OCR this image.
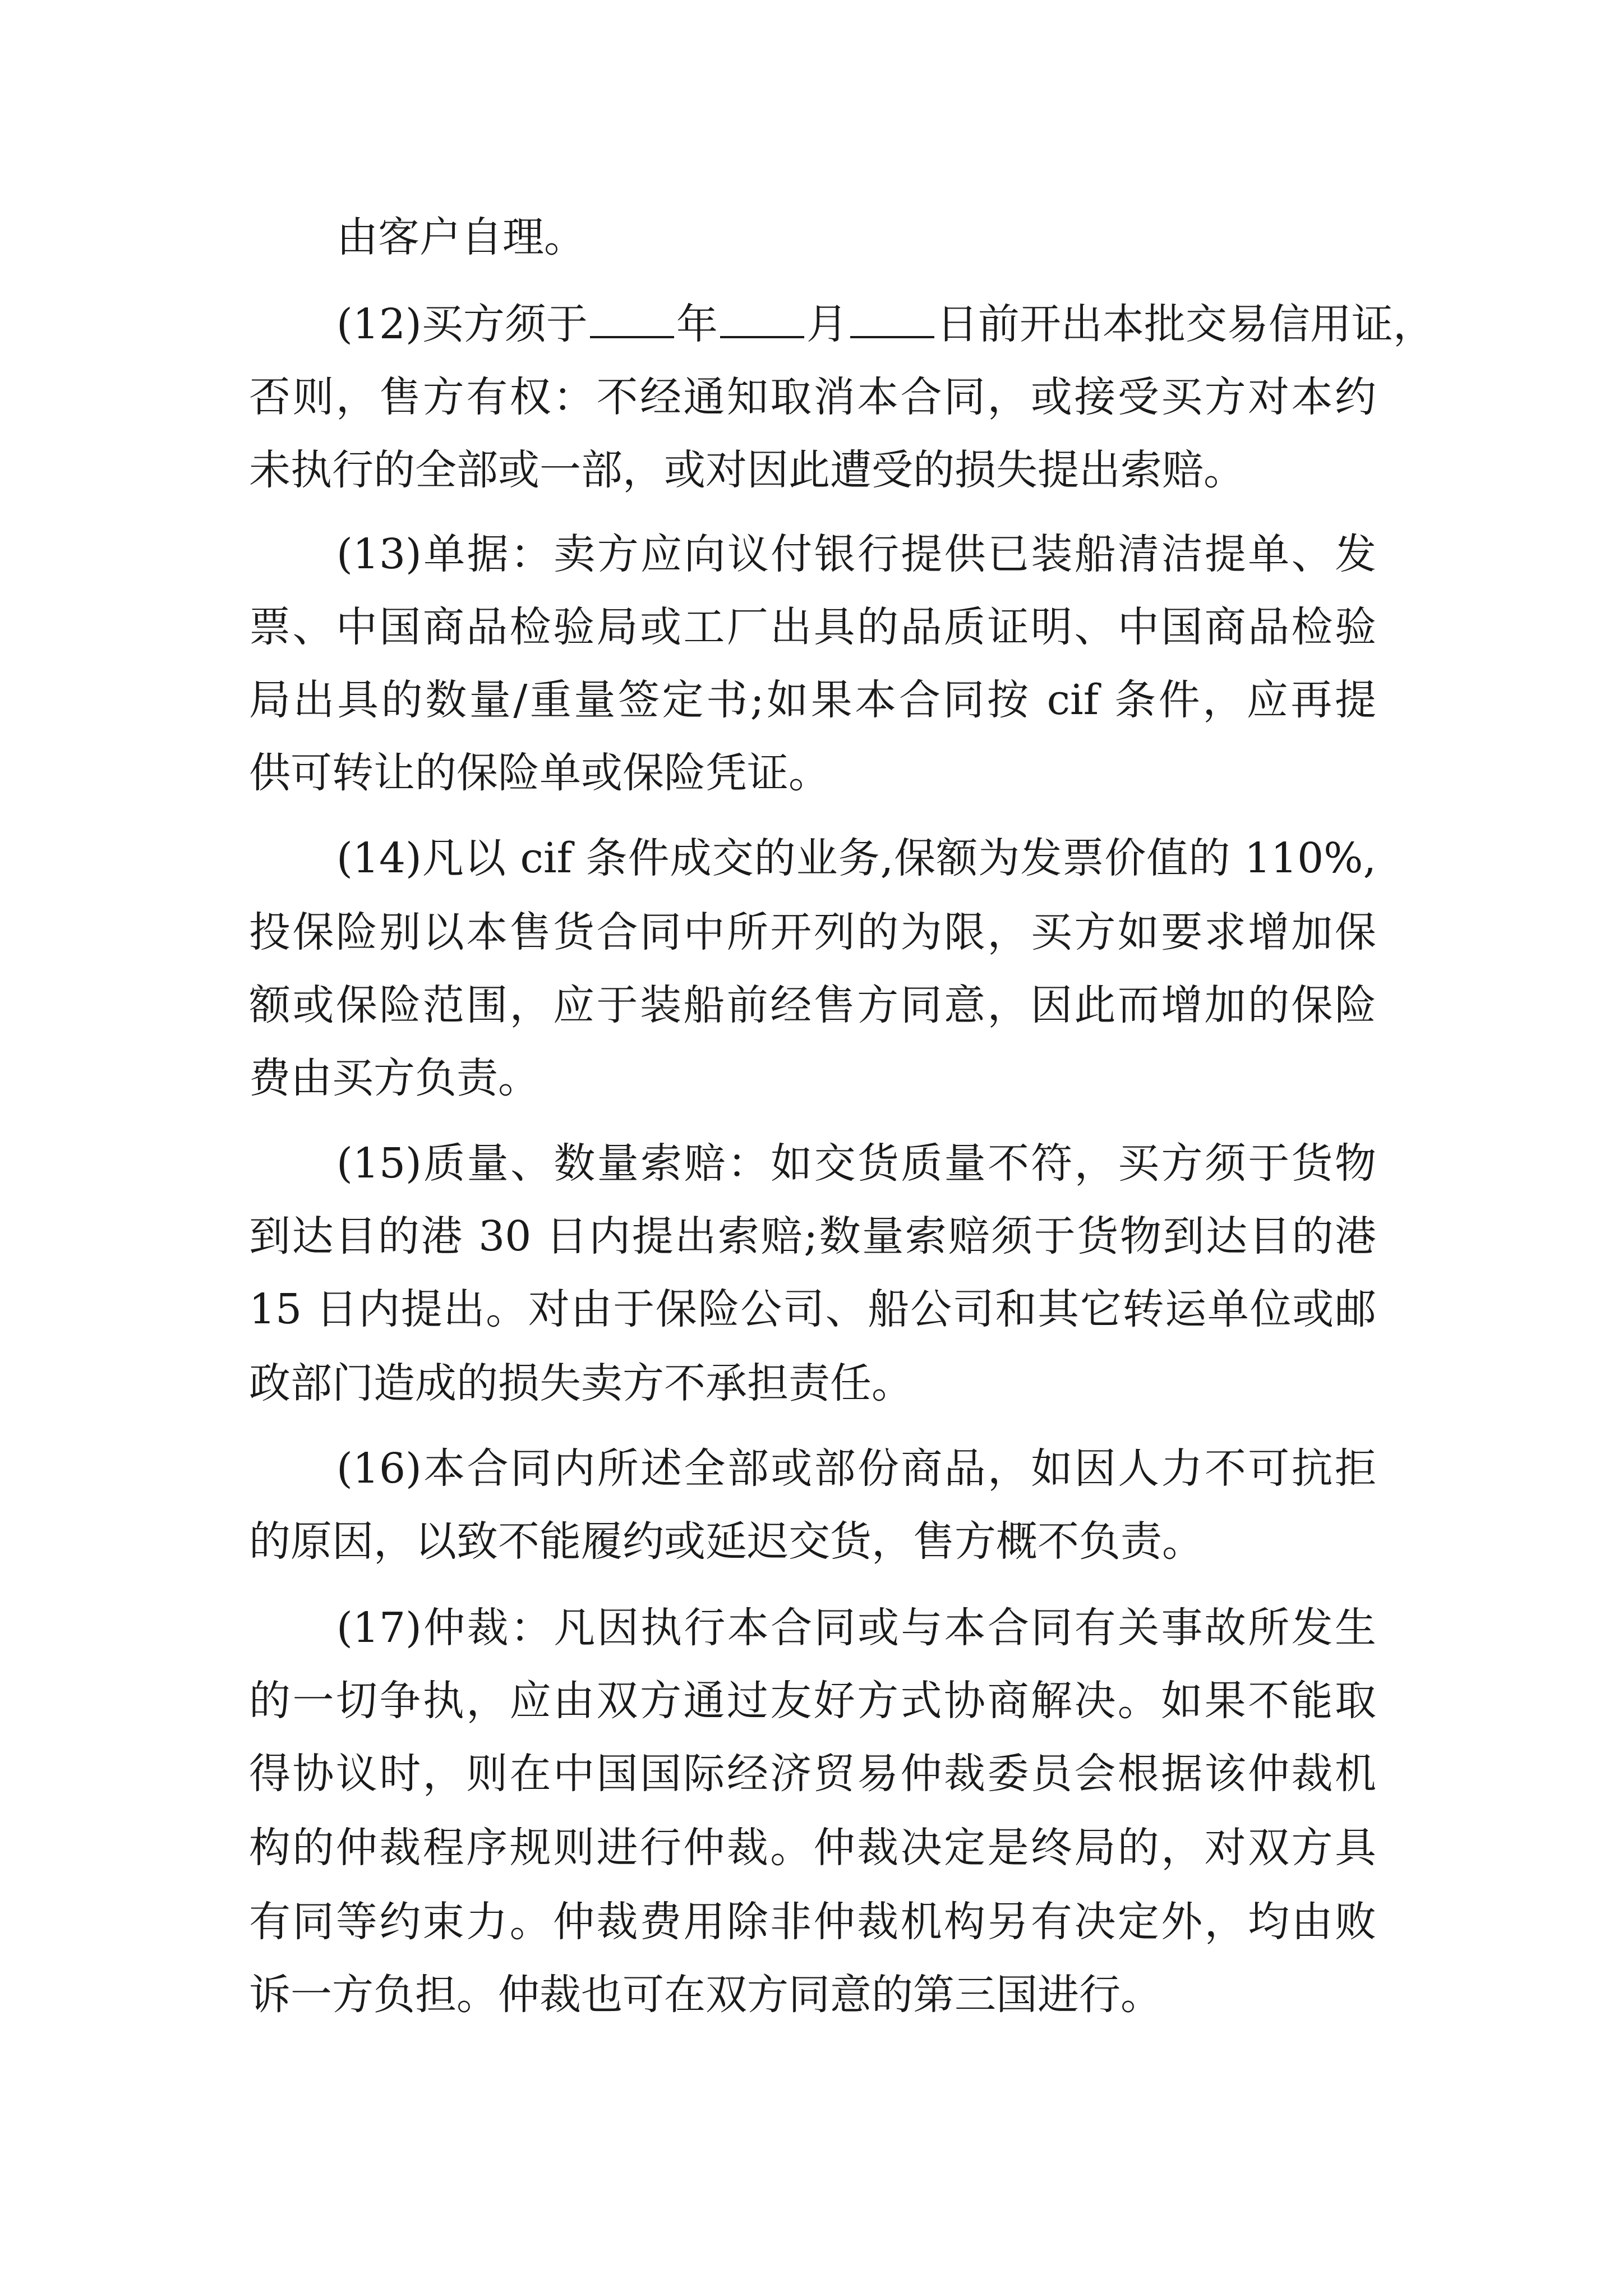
由客户自理。
(12)买方须于 年 月 日前开出本批交易信用证，
否则，售方有权：不经通知取消本合同，或接受买方对本约
未执行的全部或一部，或对因此遭受的损失提出索赔。
(13)单据：卖方应向议付银行提供已装船清洁提单、发
票、中国商品检验局或工厂出具的品质证明、中国商品检验
局出具的数量/重量签定书;如果本合同按 cif 条件，应再提
供可转让的保险单或保险凭证。
(14)凡以 cif 条件成交的业务,保额为发票价值的 110%,
投保险别以本售货合同中所开列的为限，买方如要求增加保
额或保险范围，应于装船前经售方同意，因此而增加的保险
费由买方负责。
(15)质量、数量索赔：如交货质量不符，买方须于货物
到达目的港 30 日内提出索赔;数量索赔须于货物到达目的港
15 日内提出。对由于保险公司、船公司和其它转运单位或邮
政部门造成的损失卖方不承担责任。
(16)本合同内所述全部或部份商品，如因人力不可抗拒
的原因，以致不能履约或延迟交货，售方概不负责。
(17)仲裁：凡因执行本合同或与本合同有关事故所发生
的一切争执，应由双方通过友好方式协商解决。如果不能取
得协议时，则在中国国际经济贸易仲裁委员会根据该仲裁机
构的仲裁程序规则进行仲裁。仲裁决定是终局的，对双方具
有同等约束力。仲裁费用除非仲裁机构另有决定外，均由败
诉一方负担。仲裁也可在双方同意的第三国进行。
